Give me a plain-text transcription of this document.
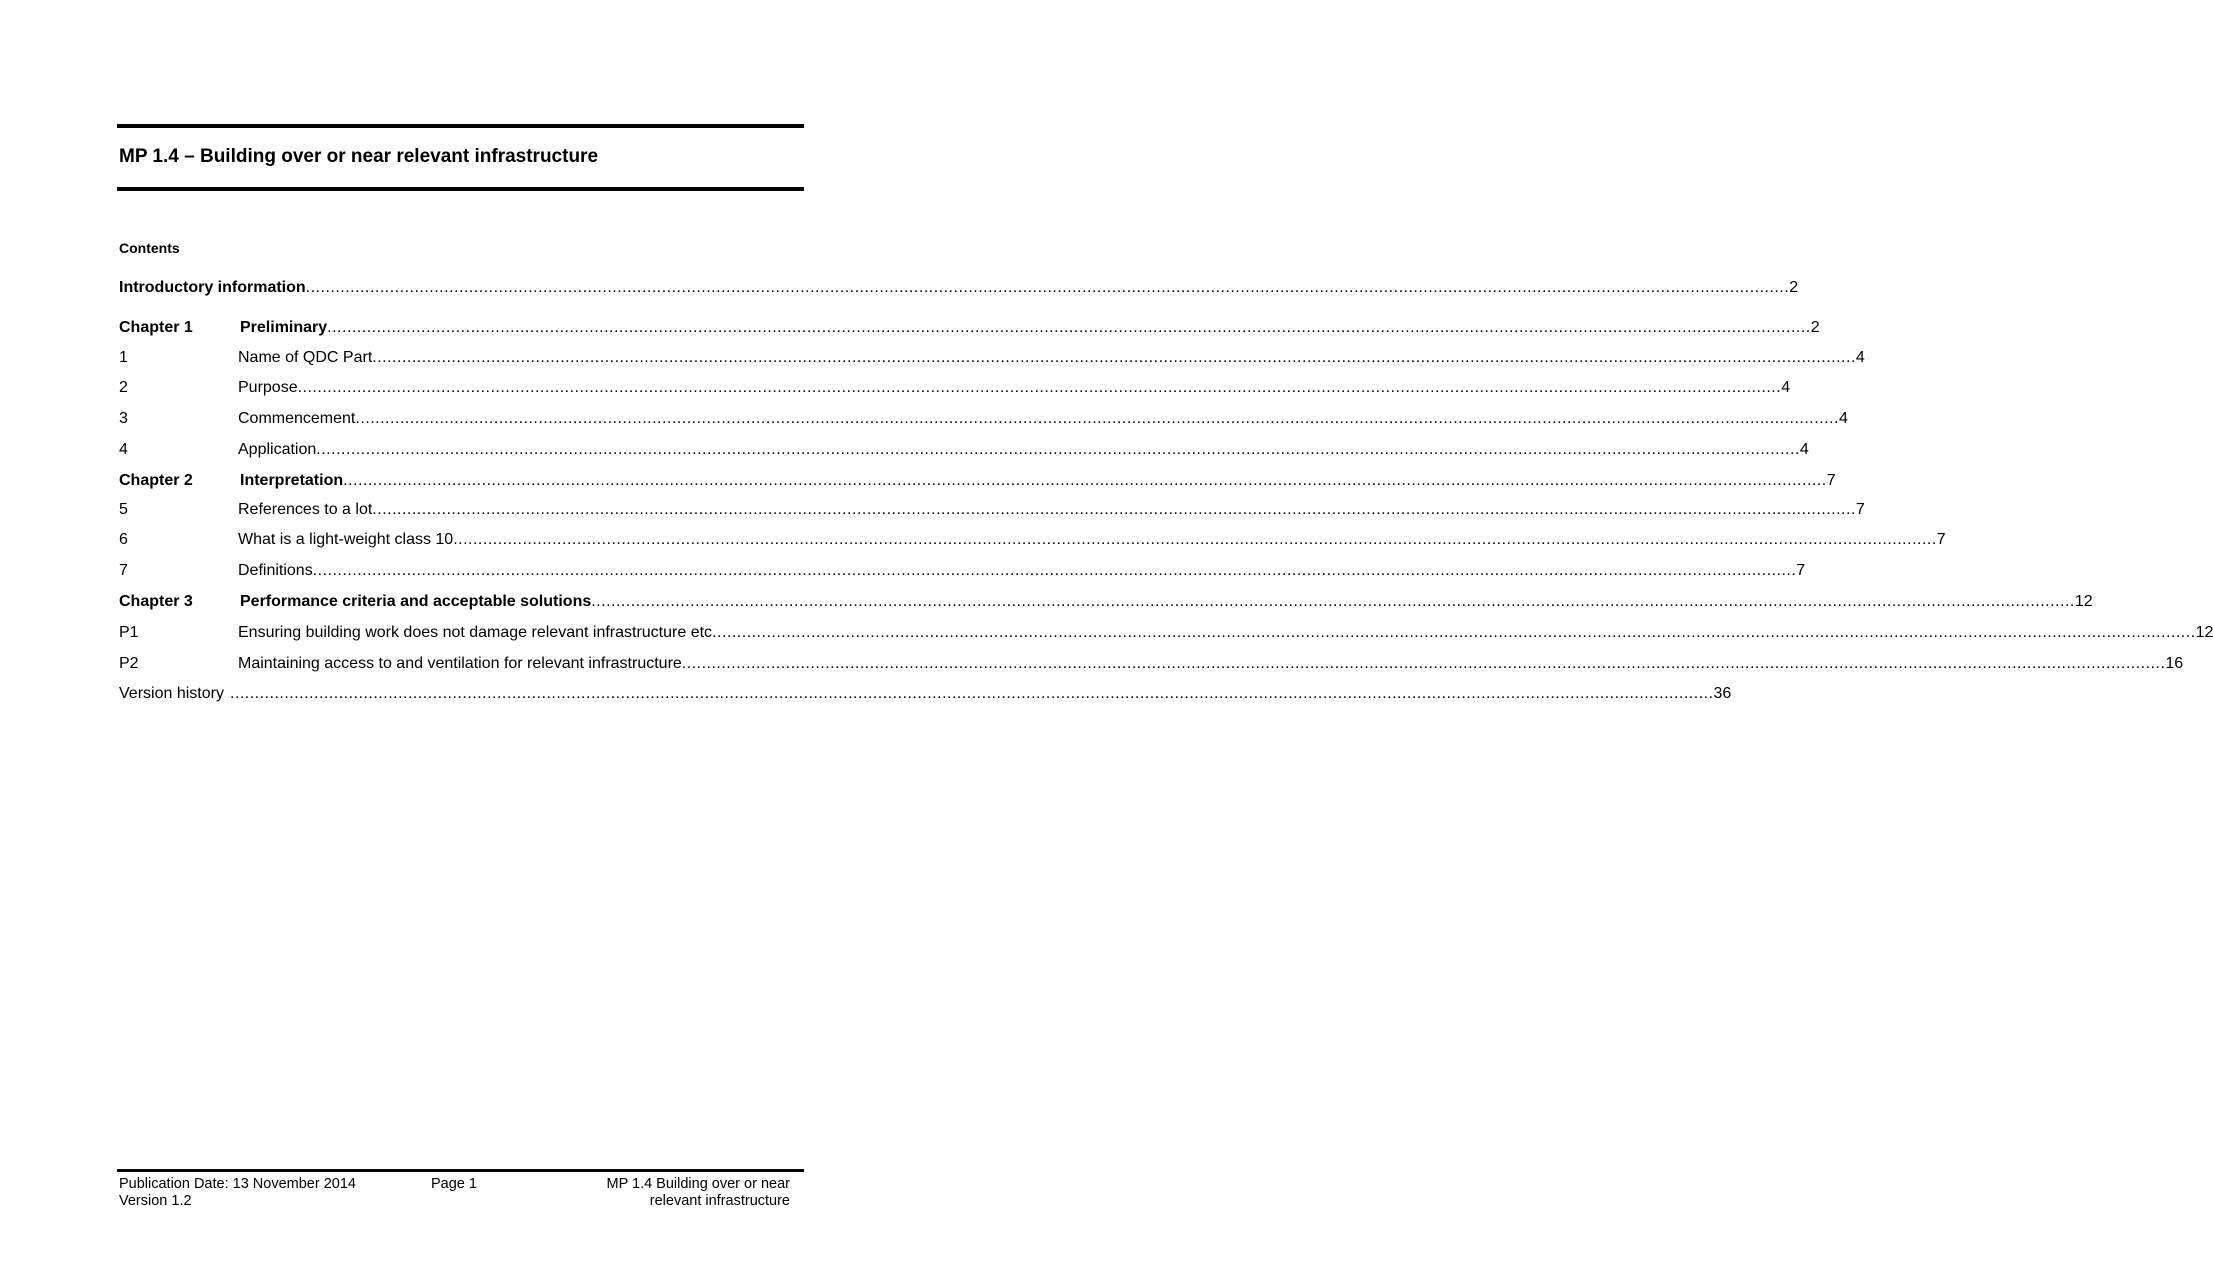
MP 1.4 – Building over or near relevant infrastructure
Contents
Introductory information ............................................................................................................................................................................................................................................................................................................ 2
Chapter 1	Preliminary ............................................................................................................................................................................................................................................................................................................ 2
1	Name of QDC Part ............................................................................................................................................................................................................................................................................................................ 4
2	Purpose ............................................................................................................................................................................................................................................................................................................ 4
3	Commencement ............................................................................................................................................................................................................................................................................................................ 4
4	Application ............................................................................................................................................................................................................................................................................................................ 4
Chapter 2	Interpretation ............................................................................................................................................................................................................................................................................................................ 7
5	References to a lot ............................................................................................................................................................................................................................................................................................................ 7
6	What is a light-weight class 10 ............................................................................................................................................................................................................................................................................................................ 7
7	Definitions ............................................................................................................................................................................................................................................................................................................ 7
Chapter 3	Performance criteria and acceptable solutions ............................................................................................................................................................................................................................................................................................................ 12
P1	Ensuring building work does not damage relevant infrastructure etc ............................................................................................................................................................................................................................................................................................................ 12
P2	Maintaining access to and ventilation for relevant infrastructure ............................................................................................................................................................................................................................................................................................................ 16
Version history ............................................................................................................................................................................................................................................................................................................ 36
Publication Date: 13 November 2014
Version 1.2
Page 1	MP 1.4 Building over or near
relevant infrastructure
